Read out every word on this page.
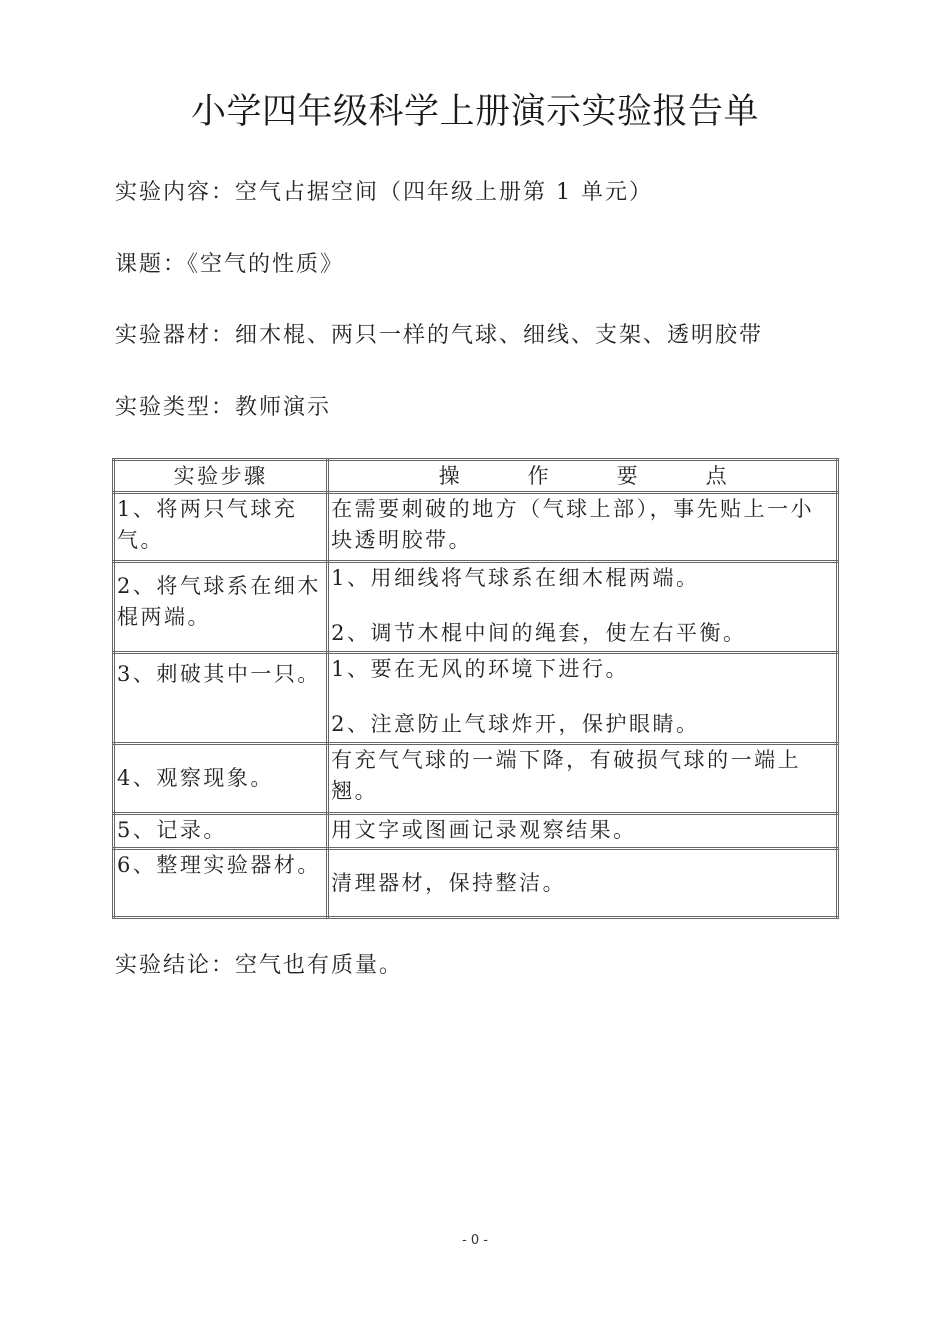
小学四年级科学上册演示实验报告单
实验内容：空气占据空间（四年级上册第 1 单元）
课题：《空气的性质》
实验器材：细木棍、两只一样的气球、细线、支架、透明胶带
实验类型：教师演示
实验步骤	操 作 要 点
1、将两只气球充气。	在需要刺破的地方（气球上部），事先贴上一小块透明胶带。

2、将气球系在细木棍两端。	1、用细线将气球系在细木棍两端。
2、调节木棍中间的绳套，使左右平衡。

3、刺破其中一只。	1、要在无风的环境下进行。
2、注意防止气球炸开，保护眼睛。

4、观察现象。	有充气气球的一端下降，有破损气球的一端上翘。

5、记录。	用文字或图画记录观察结果。

6、整理实验器材。	清理器材，保持整洁。
实验结论：空气也有质量。
- 0 -
